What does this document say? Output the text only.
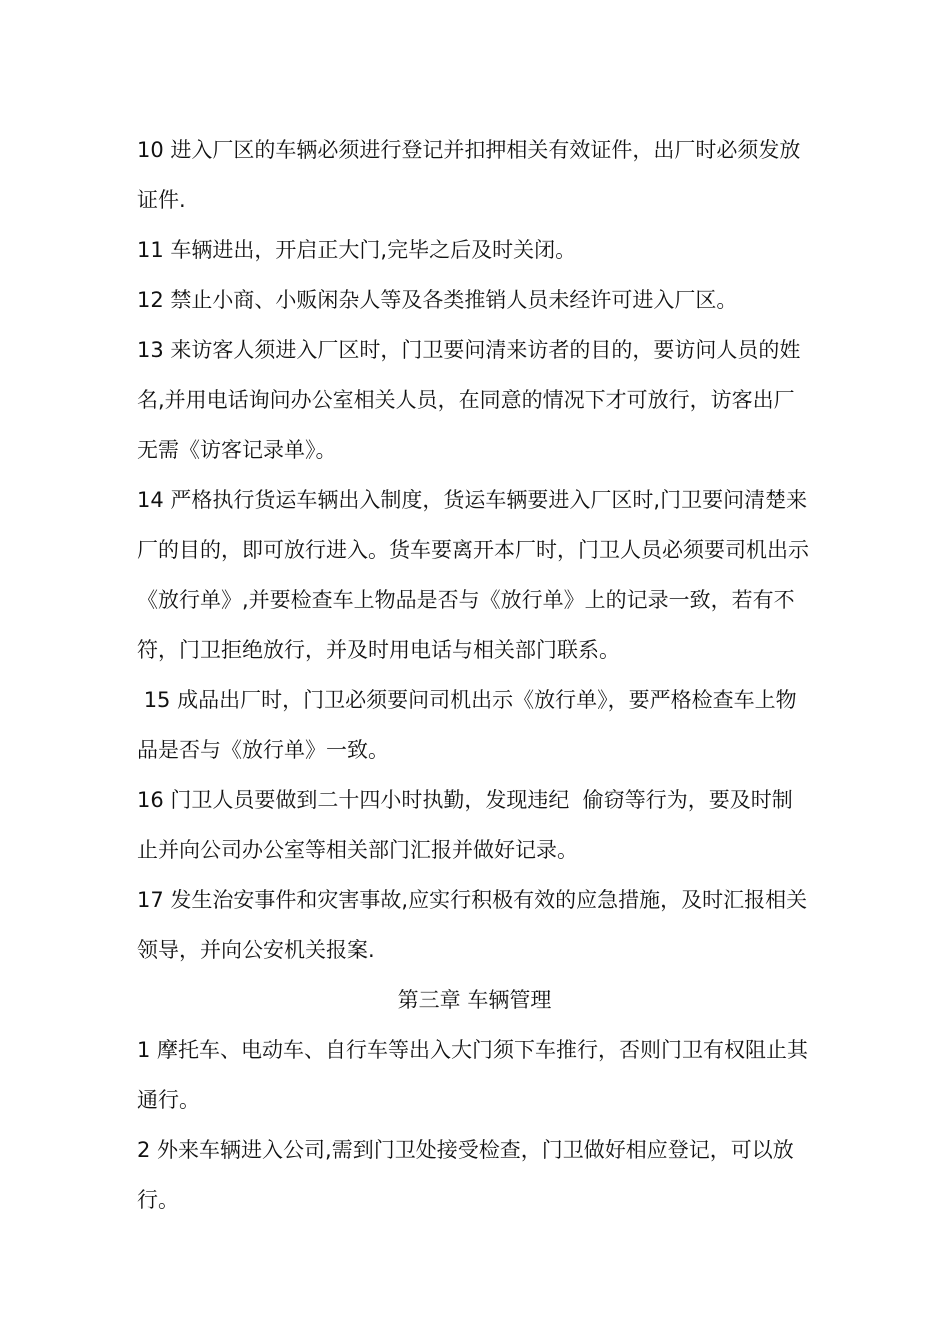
10 进入厂区的车辆必须进行登记并扣押相关有效证件，出厂时必须发放证件.

11 车辆进出，开启正大门,完毕之后及时关闭。

12 禁止小商、小贩闲杂人等及各类推销人员未经许可进入厂区。

13 来访客人须进入厂区时，门卫要问清来访者的目的，要访问人员的姓名,并用电话询问办公室相关人员，在同意的情况下才可放行，访客出厂无需《访客记录单》。

14 严格执行货运车辆出入制度，货运车辆要进入厂区时,门卫要问清楚来厂的目的，即可放行进入。货车要离开本厂时，门卫人员必须要司机出示《放行单》,并要检查车上物品是否与《放行单》上的记录一致，若有不符，门卫拒绝放行，并及时用电话与相关部门联系。

15 成品出厂时，门卫必须要问司机出示《放行单》，要严格检查车上物品是否与《放行单》一致。

16 门卫人员要做到二十四小时执勤，发现违纪  偷窃等行为，要及时制止并向公司办公室等相关部门汇报并做好记录。

17 发生治安事件和灾害事故,应实行积极有效的应急措施，及时汇报相关领导，并向公安机关报案.

第三章 车辆管理

1 摩托车、电动车、自行车等出入大门须下车推行，否则门卫有权阻止其通行。

2 外来车辆进入公司,需到门卫处接受检查，门卫做好相应登记，可以放行。
